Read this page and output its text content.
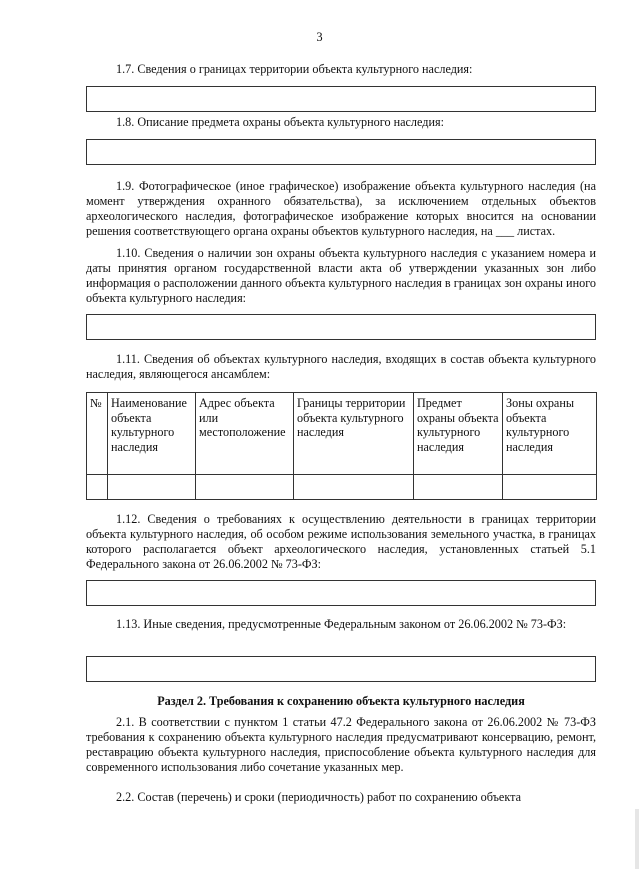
3

1.7. Сведения о границах территории объекта культурного наследия:

1.8. Описание предмета охраны объекта культурного наследия:

1.9. Фотографическое (иное графическое) изображение объекта культурного наследия (на момент утверждения охранного обязательства), за исключением отдельных объектов археологического наследия, фотографическое изображение которых вносится на основании решения соответствующего органа охраны объектов культурного наследия, на ___ листах.

1.10. Сведения о наличии зон охраны объекта культурного наследия с указанием номера и даты принятия органом государственной власти акта об утверждении указанных зон либо информация о расположении данного объекта культурного наследия в границах зон охраны иного объекта культурного наследия:

1.11. Сведения об объектах культурного наследия, входящих в состав объекта культурного наследия, являющегося ансамблем:

№	Наименование объекта культурного наследия	Адрес объекта или местоположение	Границы территории объекта культурного наследия	Предмет охраны объекта культурного наследия	Зоны охраны объекта культурного наследия

1.12. Сведения о требованиях к осуществлению деятельности в границах территории объекта культурного наследия, об особом режиме использования земельного участка, в границах которого располагается объект археологического наследия, установленных статьей 5.1 Федерального закона от 26.06.2002 № 73-ФЗ:

1.13. Иные сведения, предусмотренные Федеральным законом от 26.06.2002 № 73-ФЗ:

Раздел 2. Требования к сохранению объекта культурного наследия

2.1. В соответствии с пунктом 1 статьи 47.2 Федерального закона от 26.06.2002 № 73-ФЗ требования к сохранению объекта культурного наследия предусматривают консервацию, ремонт, реставрацию объекта культурного наследия, приспособление объекта культурного наследия для современного использования либо сочетание указанных мер.

2.2. Состав (перечень) и сроки (периодичность) работ по сохранению объекта
